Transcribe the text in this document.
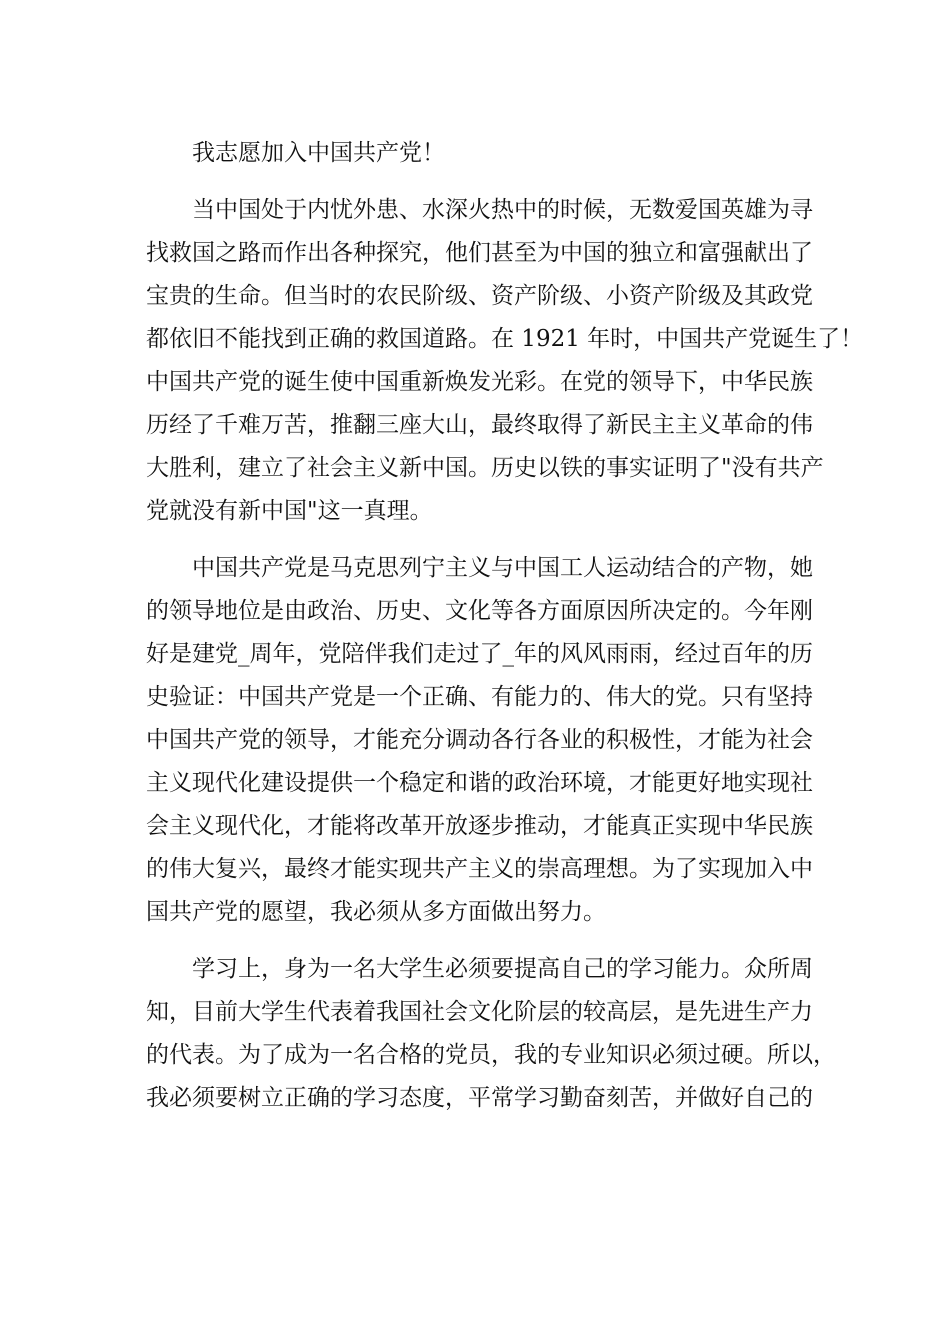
我志愿加入中国共产党！
当中国处于内忧外患、水深火热中的时候，无数爱国英雄为寻
找救国之路而作出各种探究，他们甚至为中国的独立和富强献出了
宝贵的生命。但当时的农民阶级、资产阶级、小资产阶级及其政党
都依旧不能找到正确的救国道路。在 1921 年时，中国共产党诞生了！
中国共产党的诞生使中国重新焕发光彩。在党的领导下，中华民族
历经了千难万苦，推翻三座大山，最终取得了新民主主义革命的伟
大胜利，建立了社会主义新中国。历史以铁的事实证明了"没有共产
党就没有新中国"这一真理。
中国共产党是马克思列宁主义与中国工人运动结合的产物，她
的领导地位是由政治、历史、文化等各方面原因所决定的。今年刚
好是建党_周年，党陪伴我们走过了_年的风风雨雨，经过百年的历
史验证：中国共产党是一个正确、有能力的、伟大的党。只有坚持
中国共产党的领导，才能充分调动各行各业的积极性，才能为社会
主义现代化建设提供一个稳定和谐的政治环境，才能更好地实现社
会主义现代化，才能将改革开放逐步推动，才能真正实现中华民族
的伟大复兴，最终才能实现共产主义的崇高理想。为了实现加入中
国共产党的愿望，我必须从多方面做出努力。
学习上，身为一名大学生必须要提高自己的学习能力。众所周
知，目前大学生代表着我国社会文化阶层的较高层，是先进生产力
的代表。为了成为一名合格的党员，我的专业知识必须过硬。所以，
我必须要树立正确的学习态度，平常学习勤奋刻苦，并做好自己的
